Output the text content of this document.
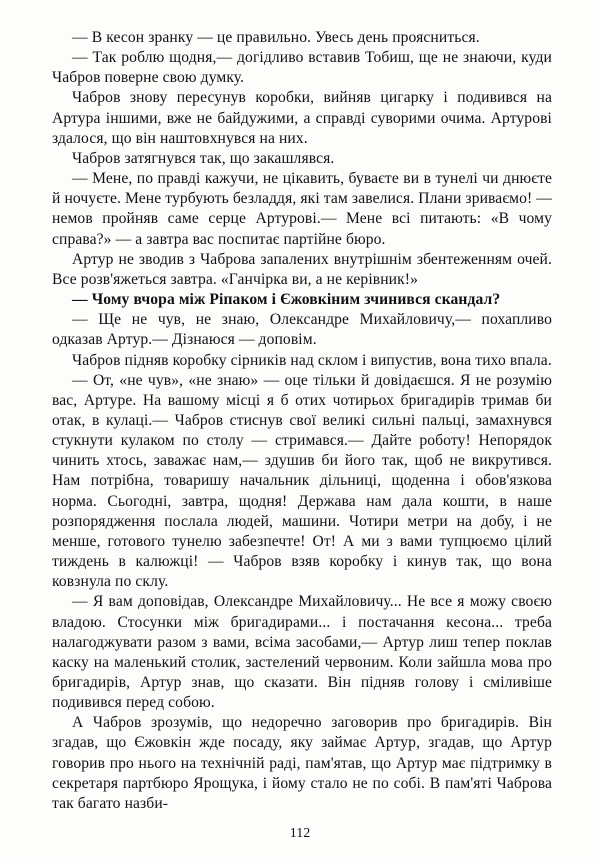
— В кесон зранку — це правильно. Увесь день проясниться.

— Так роблю щодня,— догідливо вставив Тобиш, ще не знаючи, куди Чабров поверне свою думку.

Чабров знову пересунув коробки, вийняв цигарку і подивився на Артура іншими, вже не байдужими, а справді суворими очима. Артурові здалося, що він наштовхнувся на них.

Чабров затягнувся так, що закашлявся.

— Мене, по правді кажучи, не цікавить, буваєте ви в тунелі чи днюєте й ночуєте. Мене турбують безладдя, які там завелися. Плани зриваємо! — немов пройняв саме серце Артурові.— Мене всі питають: «В чому справа?» — а завтра вас поспитає партійне бюро.

Артур не зводив з Чаброва запалених внутрішнім збентеженням очей. Все розв'яжеться завтра. «Ганчірка ви, а не керівник!»

— Чому вчора між Ріпаком і Єжовкіним зчинився скандал?

— Ще не чув, не знаю, Олександре Михайловичу,— похапливо одказав Артур.— Дізнаюся — доповім.

Чабров підняв коробку сірників над склом і випустив, вона тихо впала.

— От, «не чув», «не знаю» — оце тільки й довідаєшся. Я не розумію вас, Артуре. На вашому місці я б отих чотирьох бригадирів тримав би отак, в кулаці.— Чабров стиснув свої великі сильні пальці, замахнувся стукнути кулаком по столу — стримався.— Дайте роботу! Непорядок чинить хтось, заважає нам,— здушив би його так, щоб не викрутився. Нам потрібна, товаришу начальник дільниці, щоденна і обов'язкова норма. Сьогодні, завтра, щодня! Держава нам дала кошти, в наше розпорядження послала людей, машини. Чотири метри на добу, і не менше, готового тунелю забезпечте! От! А ми з вами тупцюємо цілий тиждень в калюжці! — Чабров взяв коробку і кинув так, що вона ковзнула по склу.

— Я вам доповідав, Олександре Михайловичу... Не все я можу своєю владою. Стосунки між бригадирами... і постачання кесона... треба налагоджувати разом з вами, всіма засобами,— Артур лиш тепер поклав каску на маленький столик, застелений червоним. Коли зайшла мова про бригадирів, Артур знав, що сказати. Він підняв голову і сміливіше подивився перед собою.

А Чабров зрозумів, що недоречно заговорив про бригадирів. Він згадав, що Єжовкін жде посаду, яку займає Артур, згадав, що Артур говорив про нього на технічній раді, пам'ятав, що Артур має підтримку в секретаря партбюро Ярощука, і йому стало не по собі. В пам'яті Чаброва так багато назби-

112
